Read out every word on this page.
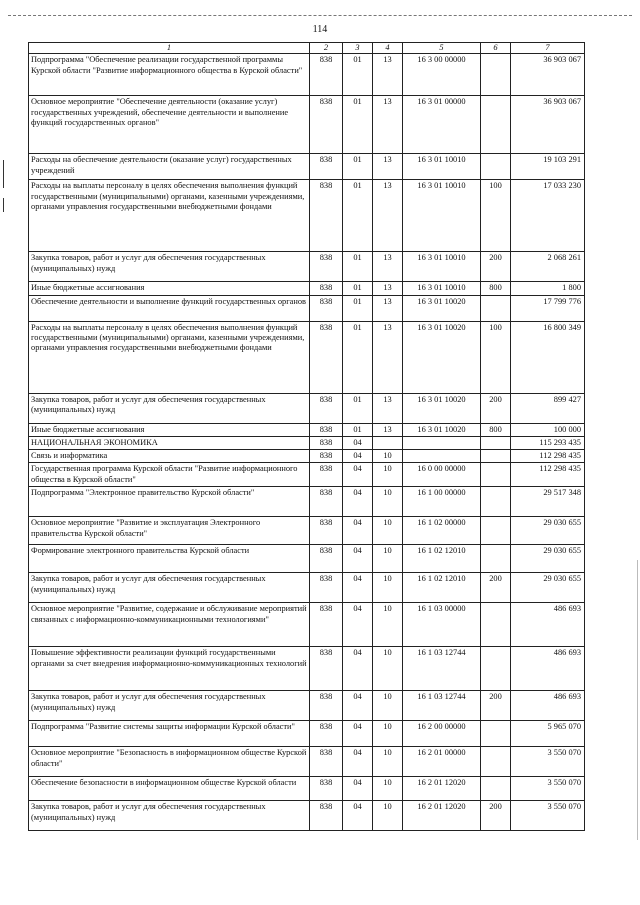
114
1	2	3	4	5	6	7
Подпрограмма "Обеспечение реализации государственной программы Курской области "Развитие информационного общества в Курской области"	838	01	13	16 3 00 00000		36 903 067
Основное мероприятие "Обеспечение деятельности (оказание услуг) государственных учреждений, обеспечение деятельности и выполнение функций государственных органов"	838	01	13	16 3 01 00000		36 903 067
Расходы на обеспечение деятельности (оказание услуг) государственных учреждений	838	01	13	16 3 01 10010		19 103 291
Расходы на выплаты персоналу в целях обеспечения выполнения функций государственными (муниципальными) органами, казенными учреждениями, органами управления государственными внебюджетными фондами	838	01	13	16 3 01 10010	100	17 033 230
Закупка товаров, работ и услуг для обеспечения государственных (муниципальных) нужд	838	01	13	16 3 01 10010	200	2 068 261
Иные бюджетные ассигнования	838	01	13	16 3 01 10010	800	1 800
Обеспечение деятельности и выполнение функций государственных органов	838	01	13	16 3 01 10020		17 799 776
Расходы на выплаты персоналу в целях обеспечения выполнения функций государственными (муниципальными) органами, казенными учреждениями, органами управления государственными внебюджетными фондами	838	01	13	16 3 01 10020	100	16 800 349
Закупка товаров, работ и услуг для обеспечения государственных (муниципальных) нужд	838	01	13	16 3 01 10020	200	899 427
Иные бюджетные ассигнования	838	01	13	16 3 01 10020	800	100 000
НАЦИОНАЛЬНАЯ ЭКОНОМИКА	838	04				115 293 435
Связь и информатика	838	04	10			112 298 435
Государственная программа Курской области "Развитие информационного общества в Курской области"	838	04	10	16 0 00 00000		112 298 435
Подпрограмма "Электронное правительство Курской области"	838	04	10	16 1 00 00000		29 517 348
Основное мероприятие "Развитие и эксплуатация Электронного правительства Курской области"	838	04	10	16 1 02 00000		29 030 655
Формирование электронного правительства Курской области	838	04	10	16 1 02 12010		29 030 655
Закупка товаров, работ и услуг для обеспечения государственных (муниципальных) нужд	838	04	10	16 1 02 12010	200	29 030 655
Основное мероприятие "Развитие, содержание и обслуживание мероприятий связанных с информационно-коммуникационными технологиями"	838	04	10	16 1 03 00000		486 693
Повышение эффективности реализации функций государственными органами за счет внедрения информационно-коммуникационных технологий	838	04	10	16 1 03 12744		486 693
Закупка товаров, работ и услуг для обеспечения государственных (муниципальных) нужд	838	04	10	16 1 03 12744	200	486 693
Подпрограмма "Развитие системы защиты информации Курской области"	838	04	10	16 2 00 00000		5 965 070
Основное мероприятие "Безопасность в информационном обществе Курской области"	838	04	10	16 2 01 00000		3 550 070
Обеспечение безопасности в информационном обществе Курской области	838	04	10	16 2 01 12020		3 550 070
Закупка товаров, работ и услуг для обеспечения государственных (муниципальных) нужд	838	04	10	16 2 01 12020	200	3 550 070
